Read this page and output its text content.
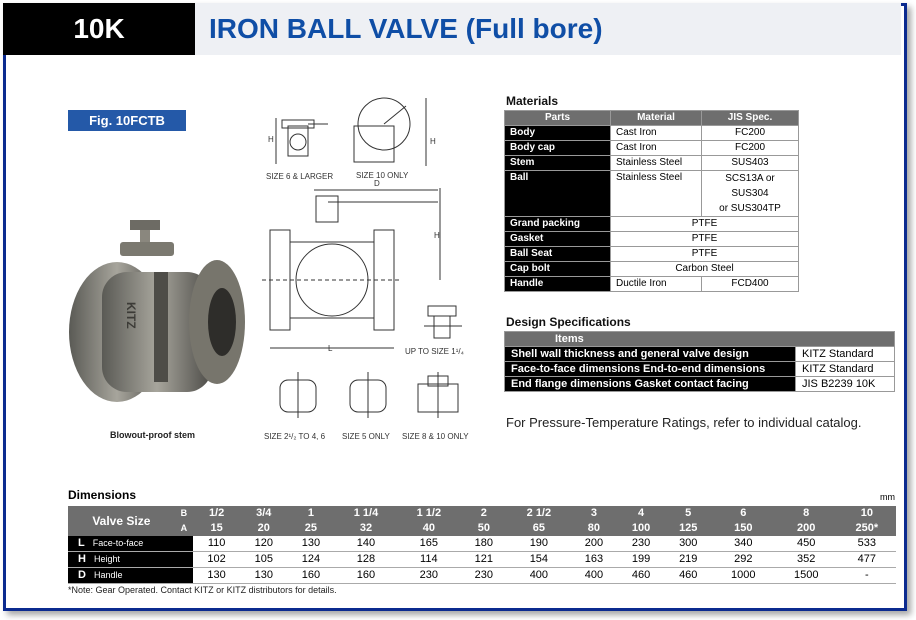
10K	IRON BALL VALVE (Full bore)
Fig. 10FCTB
KITZ
Blowout-proof stem
H
SIZE 6 & LARGER
H
SIZE 10 ONLY
D
H
L	UP TO SIZE 1¹/₄
SIZE 2¹/₂ TO 4, 6 SIZE 5 ONLY SIZE 8 & 10 ONLY
Materials
Parts	Material	JIS Spec.
Body	Cast Iron	FC200
Body cap	Cast Iron	FC200
Stem	Stainless Steel	SUS403
Ball	Stainless Steel	SCS13A or SUS304
or SUS304TP

Grand packing	PTFE	
Gasket	PTFE	
Ball Seat	PTFE	
Cap bolt	Carbon Steel	
Handle	Ductile Iron	FCD400
Design Specifications
Items	
Shell wall thickness and general valve design	KITZ Standard
Face-to-face dimensions End-to-end dimensions	KITZ Standard
End flange dimensions Gasket contact facing	JIS B2239 10K
For Pressure-Temperature Ratings, refer to individual catalog.
Dimensions	mm
Valve Size	B	1/2	3/4	1	1 1/4	1 1/2	2	2 1/2	3	4	5	6	8	10
	A	15	20	25	32	40	50	65	80	100	125	150	200	250*
L Face-to-face		110	120	130	140	165	180	190	200	230	300	340	450	533
H Height		102	105	124	128	114	121	154	163	199	219	292	352	477
D Handle		130	130	160	160	230	230	400	400	460	460	1000	1500	-
*Note: Gear Operated. Contact KITZ or KITZ distributors for details.
